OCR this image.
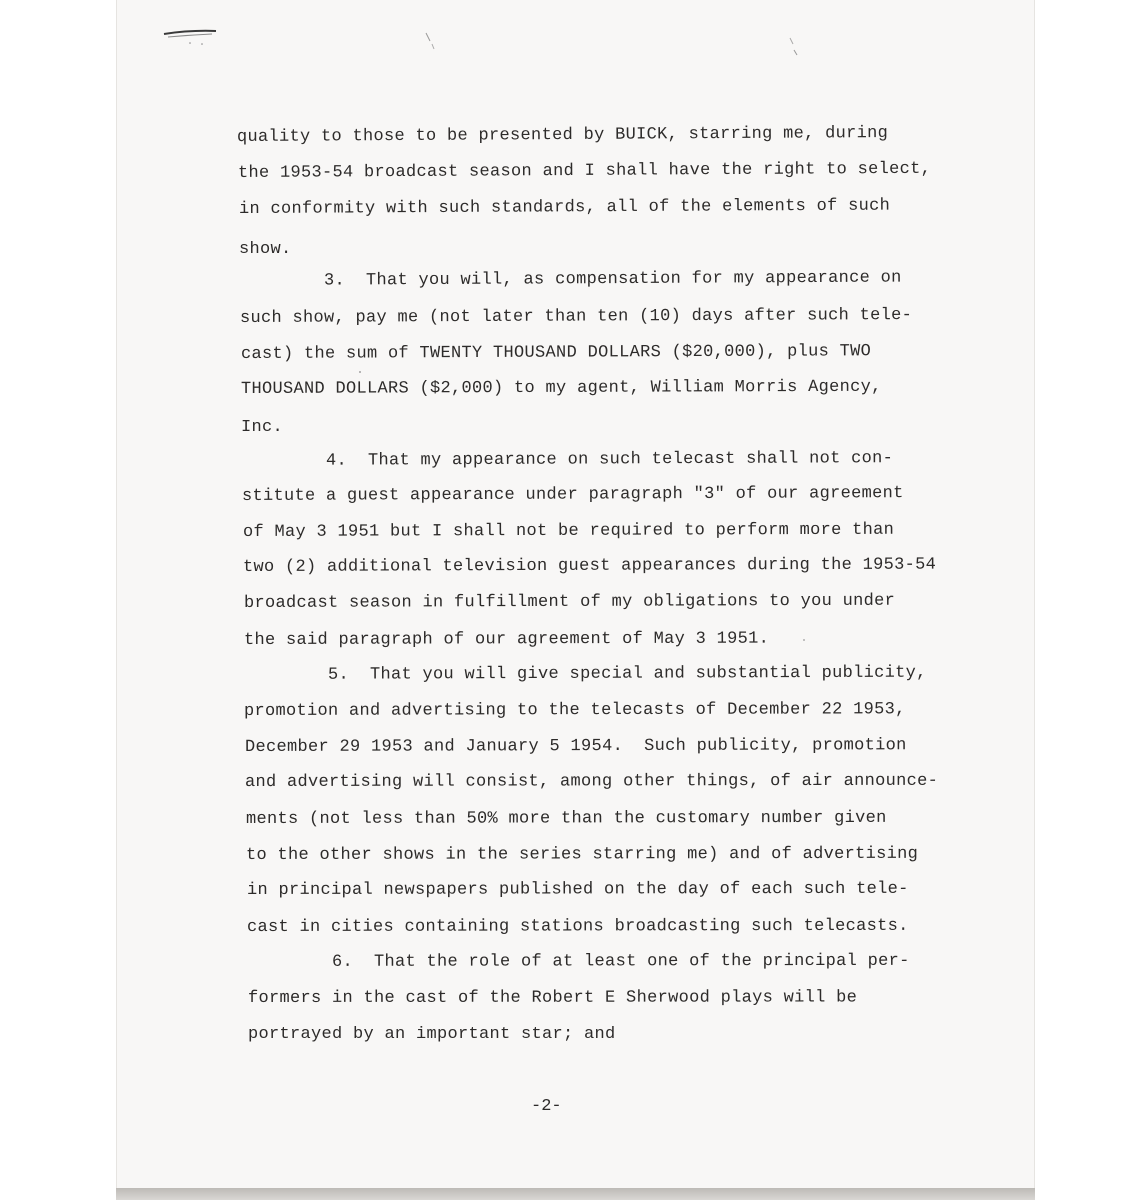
quality to those to be presented by BUICK, starring me, during
the 1953-54 broadcast season and I shall have the right to select,
in conformity with such standards, all of the elements of such
show.
3.  That you will, as compensation for my appearance on
such show, pay me (not later than ten (10) days after such tele-
cast) the sum of TWENTY THOUSAND DOLLARS ($20,000), plus TWO
THOUSAND DOLLARS ($2,000) to my agent, William Morris Agency,
Inc.
4.  That my appearance on such telecast shall not con-
stitute a guest appearance under paragraph "3" of our agreement
of May 3 1951 but I shall not be required to perform more than
two (2) additional television guest appearances during the 1953-54
broadcast season in fulfillment of my obligations to you under
the said paragraph of our agreement of May 3 1951.
5.  That you will give special and substantial publicity,
promotion and advertising to the telecasts of December 22 1953,
December 29 1953 and January 5 1954.  Such publicity, promotion
and advertising will consist, among other things, of air announce-
ments (not less than 50% more than the customary number given
to the other shows in the series starring me) and of advertising
in principal newspapers published on the day of each such tele-
cast in cities containing stations broadcasting such telecasts.
6.  That the role of at least one of the principal per-
formers in the cast of the Robert E Sherwood plays will be
portrayed by an important star; and
-2-
